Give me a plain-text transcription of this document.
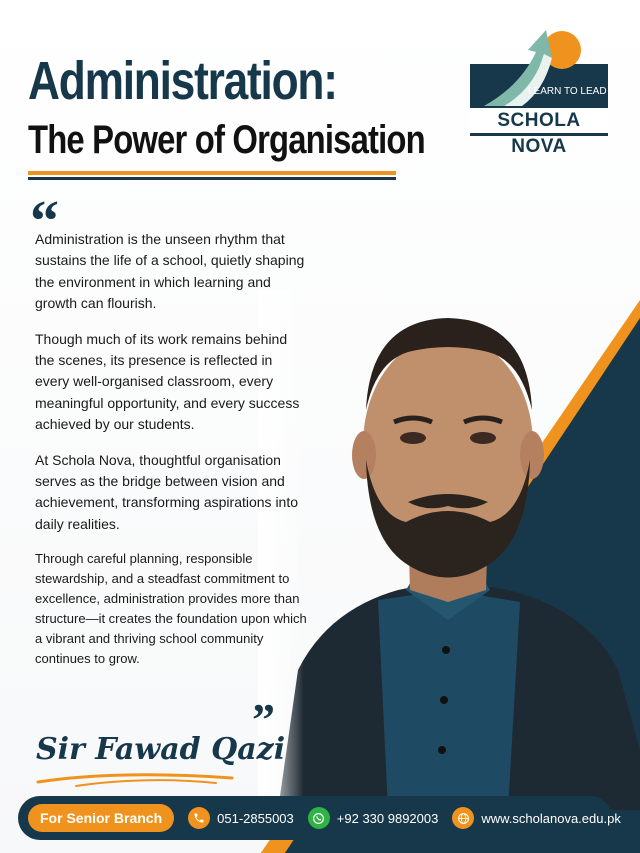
Administration:
The Power of Organisation
LEARN TO LEAD
SCHOLA NOVA
“

Administration is the unseen rhythm that sustains the life of a school, quietly shaping the environment in which learning and growth can flourish.

Though much of its work remains behind the scenes, its presence is reflected in every well-organised classroom, every meaningful opportunity, and every success achieved by our students.

At Schola Nova, thoughtful organisation serves as the bridge between vision and achievement, transforming aspirations into daily realities.

Through careful planning, responsible stewardship, and a steadfast commitment to excellence, administration provides more than structure—it creates the foundation upon which a vibrant and thriving school community continues to grow.

”
Sir Fawad Qazi
For Senior Branch	051-2855003	+92 330 9892003	www.scholanova.edu.pk
